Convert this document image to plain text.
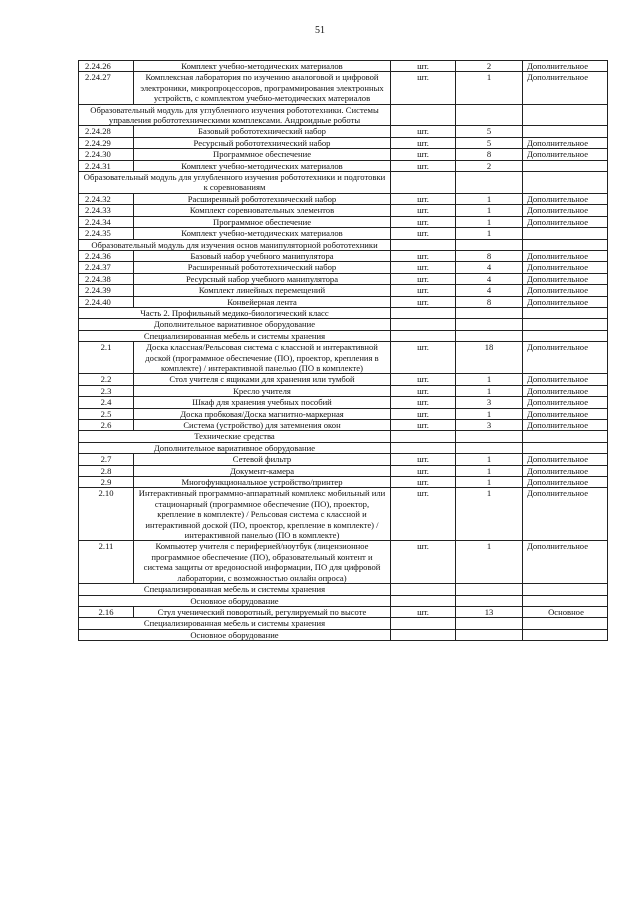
51
2.24.26	Комплект учебно-методических материалов	шт.	2	Дополнительное
2.24.27	Комплексная лаборатория по изучению аналоговой и цифровой электроники, микропроцессоров, программирования электронных устройств, с комплектом учебно-методических материалов	шт.	1	Дополнительное
Образовательный модуль для углубленного изучения робототехники. Системы управления робототехническими комплексами. Андроидные роботы				
2.24.28	Базовый робототехнический набор	шт.	5	
2.24.29	Ресурсный робототехнический набор	шт.	5	Дополнительное
2.24.30	Программное обеспечение	шт.	8	Дополнительное
2.24.31	Комплект учебно-методических материалов	шт.	2	
Образовательный модуль для углубленного изучения робототехники и подготовки к соревнованиям				
2.24.32	Расширенный робототехнический набор	шт.	1	Дополнительное
2.24.33	Комплект соревновательных элементов	шт.	1	Дополнительное
2.24.34	Программное обеспечение	шт.	1	Дополнительное
2.24.35	Комплект учебно-методических материалов	шт.	1	
Образовательный модуль для изучения основ манипуляторной робототехники				
2.24.36	Базовый набор учебного манипулятора	шт.	8	Дополнительное
2.24.37	Расширенный робототехнический набор	шт.	4	Дополнительное
2.24.38	Ресурсный набор учебного манипулятора	шт.	4	Дополнительное
2.24.39	Комплект линейных перемещений	шт.	4	Дополнительное
2.24.40	Конвейерная лента	шт.	8	Дополнительное
Часть 2. Профильный медико-биологический класс				
Дополнительное вариативное оборудование				
Специализированная мебель и системы хранения				
2.1	Доска классная/Рельсовая система с классной и интерактивной доской (программное обеспечение (ПО), проектор, крепления в комплекте) / интерактивной панелью (ПО в комплекте)	шт.	18	Дополнительное
2.2	Стол учителя с ящиками для хранения или тумбой	шт.	1	Дополнительное
2.3	Кресло учителя	шт.	1	Дополнительное
2.4	Шкаф для хранения учебных пособий	шт.	3	Дополнительное
2.5	Доска пробковая/Доска магнитно-маркерная	шт.	1	Дополнительное
2.6	Система (устройство) для затемнения окон	шт.	3	Дополнительное
Технические средства				
Дополнительное вариативное оборудование				
2.7	Сетевой фильтр	шт.	1	Дополнительное
2.8	Документ-камера	шт.	1	Дополнительное
2.9	Многофункциональное устройство/принтер	шт.	1	Дополнительное
2.10	Интерактивный программно-аппаратный комплекс мобильный или стационарный (программное обеспечение (ПО), проектор, крепление в комплекте) / Рельсовая система с классной и интерактивной доской (ПО, проектор, крепление в комплекте) / интерактивной панелью (ПО в комплекте)	шт.	1	Дополнительное
2.11	Компьютер учителя с периферией/ноутбук (лицензионное программное обеспечение (ПО), образовательный контент и система защиты от вредоносной информации, ПО для цифровой лаборатории, с возможностью онлайн опроса)	шт.	1	Дополнительное
Специализированная мебель и системы хранения				
Основное оборудование				
2.16	Стул ученический поворотный, регулируемый по высоте	шт.	13	Основное
Специализированная мебель и системы хранения				
Основное оборудование				
